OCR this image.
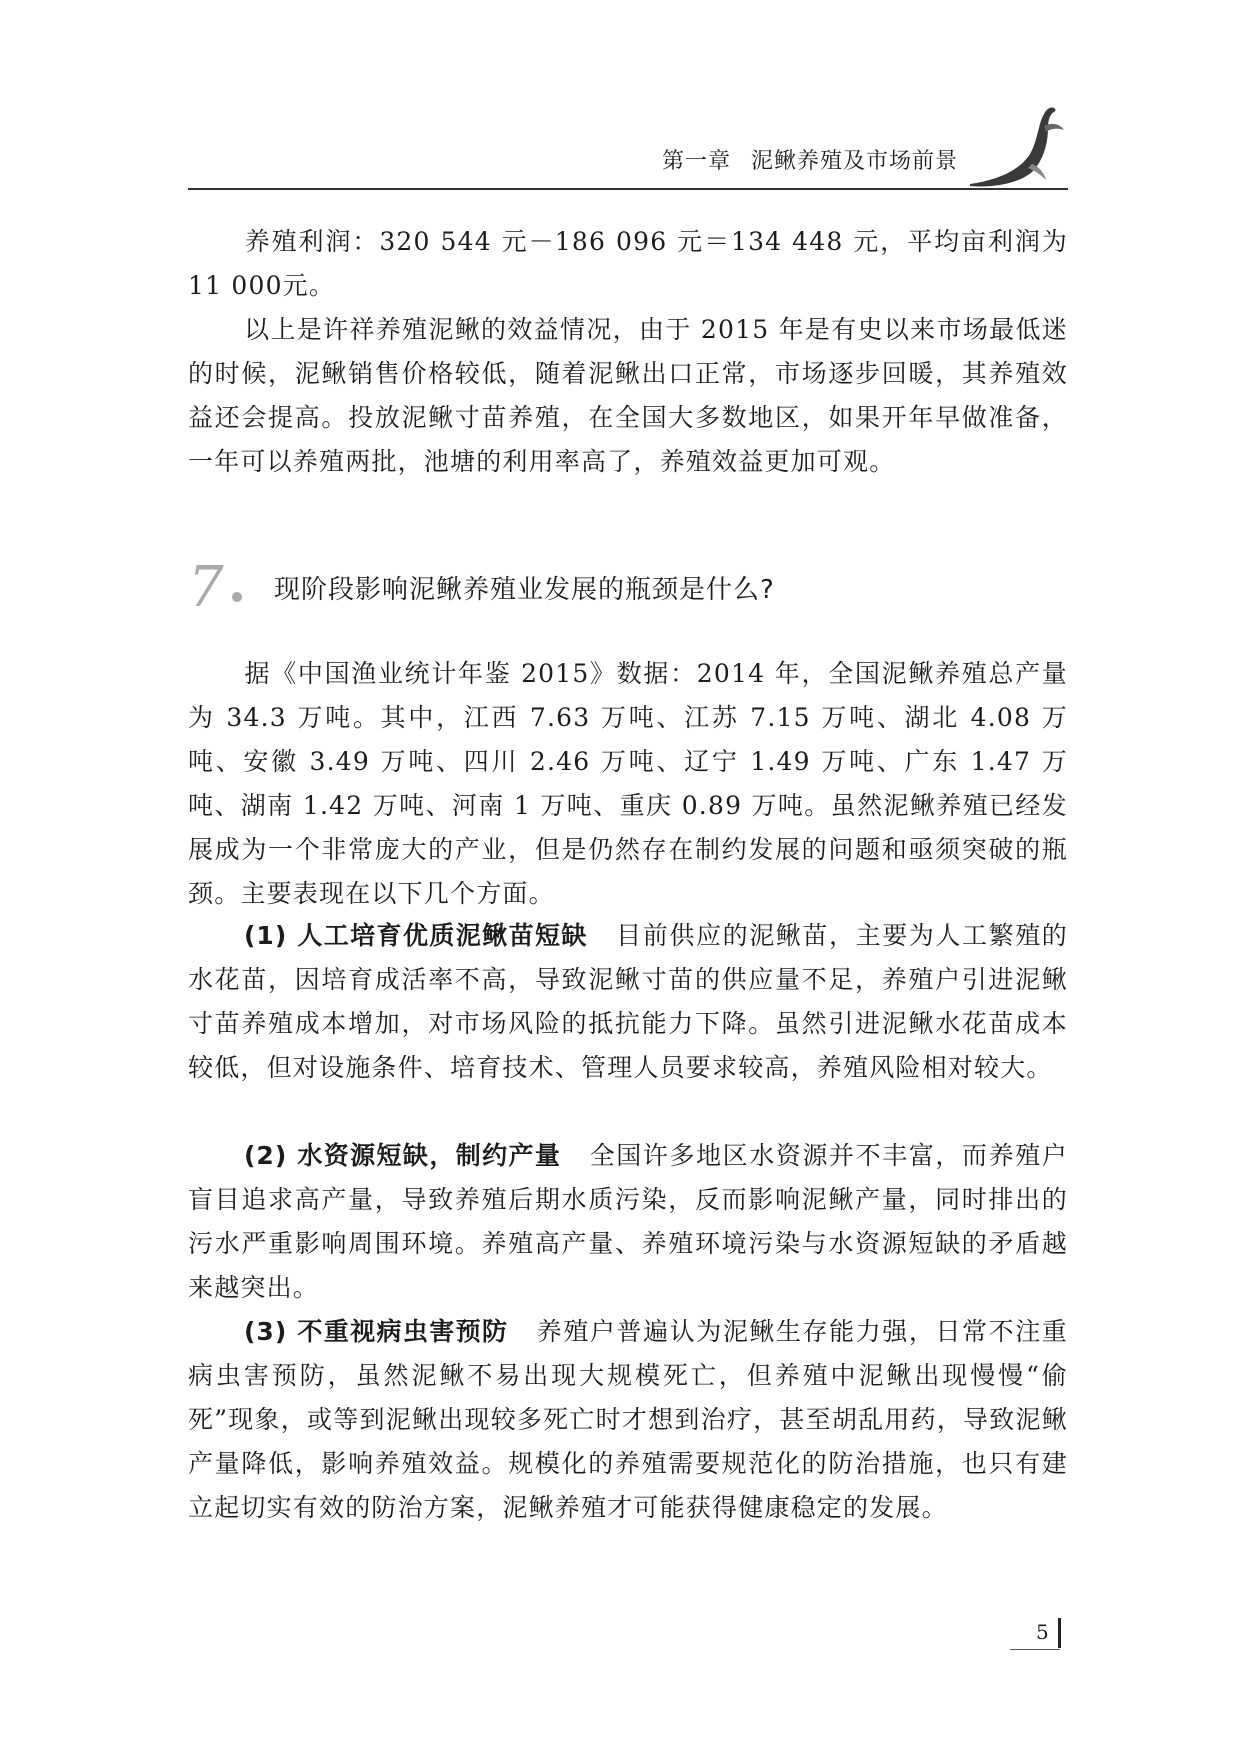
第一章 泥鳅养殖及市场前景

养殖利润：320 544 元－186 096 元＝134 448 元，平均亩利润为11 000元。

以上是许祥养殖泥鳅的效益情况，由于 2015 年是有史以来市场最低迷的时候，泥鳅销售价格较低，随着泥鳅出口正常，市场逐步回暖，其养殖效益还会提高。投放泥鳅寸苗养殖，在全国大多数地区，如果开年早做准备，一年可以养殖两批，池塘的利用率高了，养殖效益更加可观。

7 现阶段影响泥鳅养殖业发展的瓶颈是什么?

据《中国渔业统计年鉴 2015》数据：2014 年，全国泥鳅养殖总产量为 34.3 万吨。其中，江西 7.63 万吨、江苏 7.15 万吨、湖北 4.08 万吨、安徽 3.49 万吨、四川 2.46 万吨、辽宁 1.49 万吨、广东 1.47 万吨、湖南 1.42 万吨、河南 1 万吨、重庆 0.89 万吨。虽然泥鳅养殖已经发展成为一个非常庞大的产业，但是仍然存在制约发展的问题和亟须突破的瓶颈。主要表现在以下几个方面。

(1) 人工培育优质泥鳅苗短缺 目前供应的泥鳅苗，主要为人工繁殖的水花苗，因培育成活率不高，导致泥鳅寸苗的供应量不足，养殖户引进泥鳅寸苗养殖成本增加，对市场风险的抵抗能力下降。虽然引进泥鳅水花苗成本较低，但对设施条件、培育技术、管理人员要求较高，养殖风险相对较大。

(2) 水资源短缺，制约产量 全国许多地区水资源并不丰富，而养殖户盲目追求高产量，导致养殖后期水质污染，反而影响泥鳅产量，同时排出的污水严重影响周围环境。养殖高产量、养殖环境污染与水资源短缺的矛盾越来越突出。

(3) 不重视病虫害预防 养殖户普遍认为泥鳅生存能力强，日常不注重病虫害预防，虽然泥鳅不易出现大规模死亡，但养殖中泥鳅出现慢慢“偷死”现象，或等到泥鳅出现较多死亡时才想到治疗，甚至胡乱用药，导致泥鳅产量降低，影响养殖效益。规模化的养殖需要规范化的防治措施，也只有建立起切实有效的防治方案，泥鳅养殖才可能获得健康稳定的发展。

5
